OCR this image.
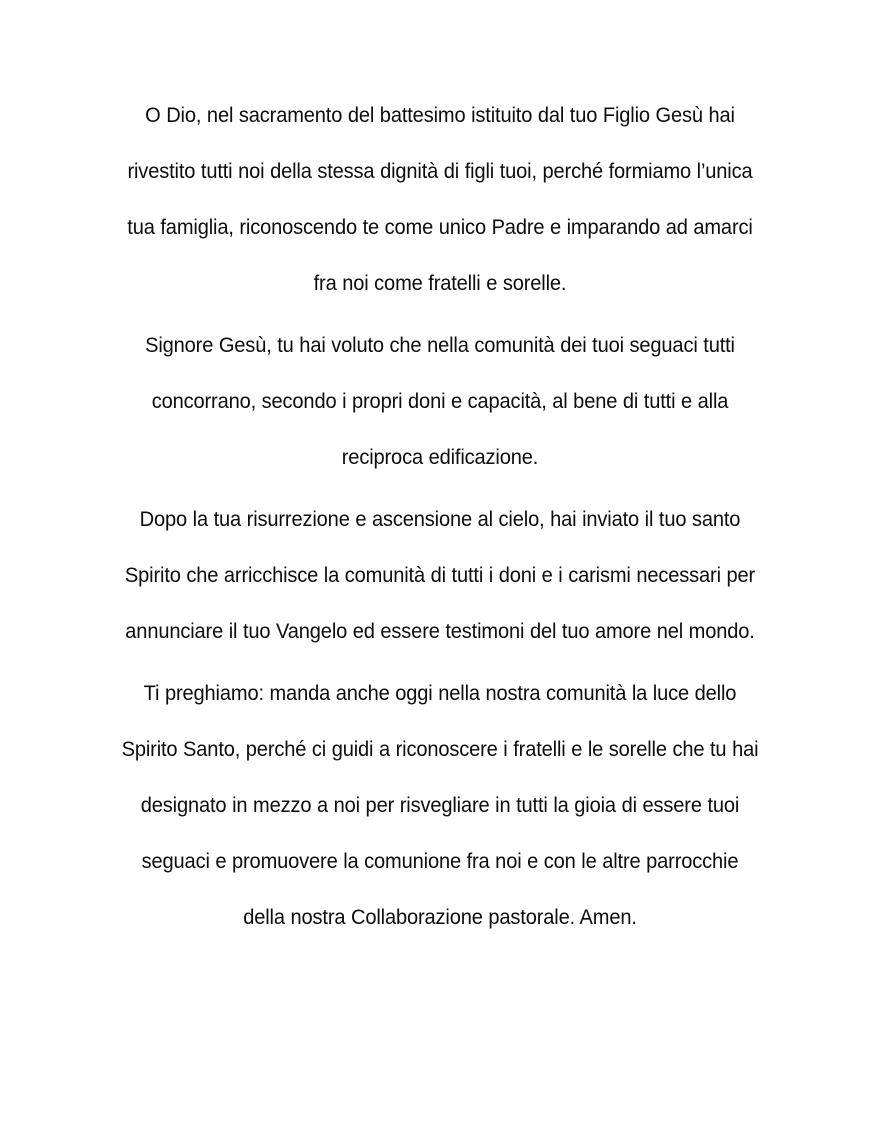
O Dio, nel sacramento del battesimo istituito dal tuo Figlio Gesù hai rivestito tutti noi della stessa dignità di figli tuoi, perché formiamo l’unica tua famiglia, riconoscendo te come unico Padre e imparando ad amarci fra noi come fratelli e sorelle.

Signore Gesù, tu hai voluto che nella comunità dei tuoi seguaci tutti concorrano, secondo i propri doni e capacità, al bene di tutti e alla reciproca edificazione.

Dopo la tua risurrezione e ascensione al cielo, hai inviato il tuo santo Spirito che arricchisce la comunità di tutti i doni e i carismi necessari per annunciare il tuo Vangelo ed essere testimoni del tuo amore nel mondo.

Ti preghiamo: manda anche oggi nella nostra comunità la luce dello Spirito Santo, perché ci guidi a riconoscere i fratelli e le sorelle che tu hai designato in mezzo a noi per risvegliare in tutti la gioia di essere tuoi seguaci e promuovere la comunione fra noi e con le altre parrocchie della nostra Collaborazione pastorale. Amen.
